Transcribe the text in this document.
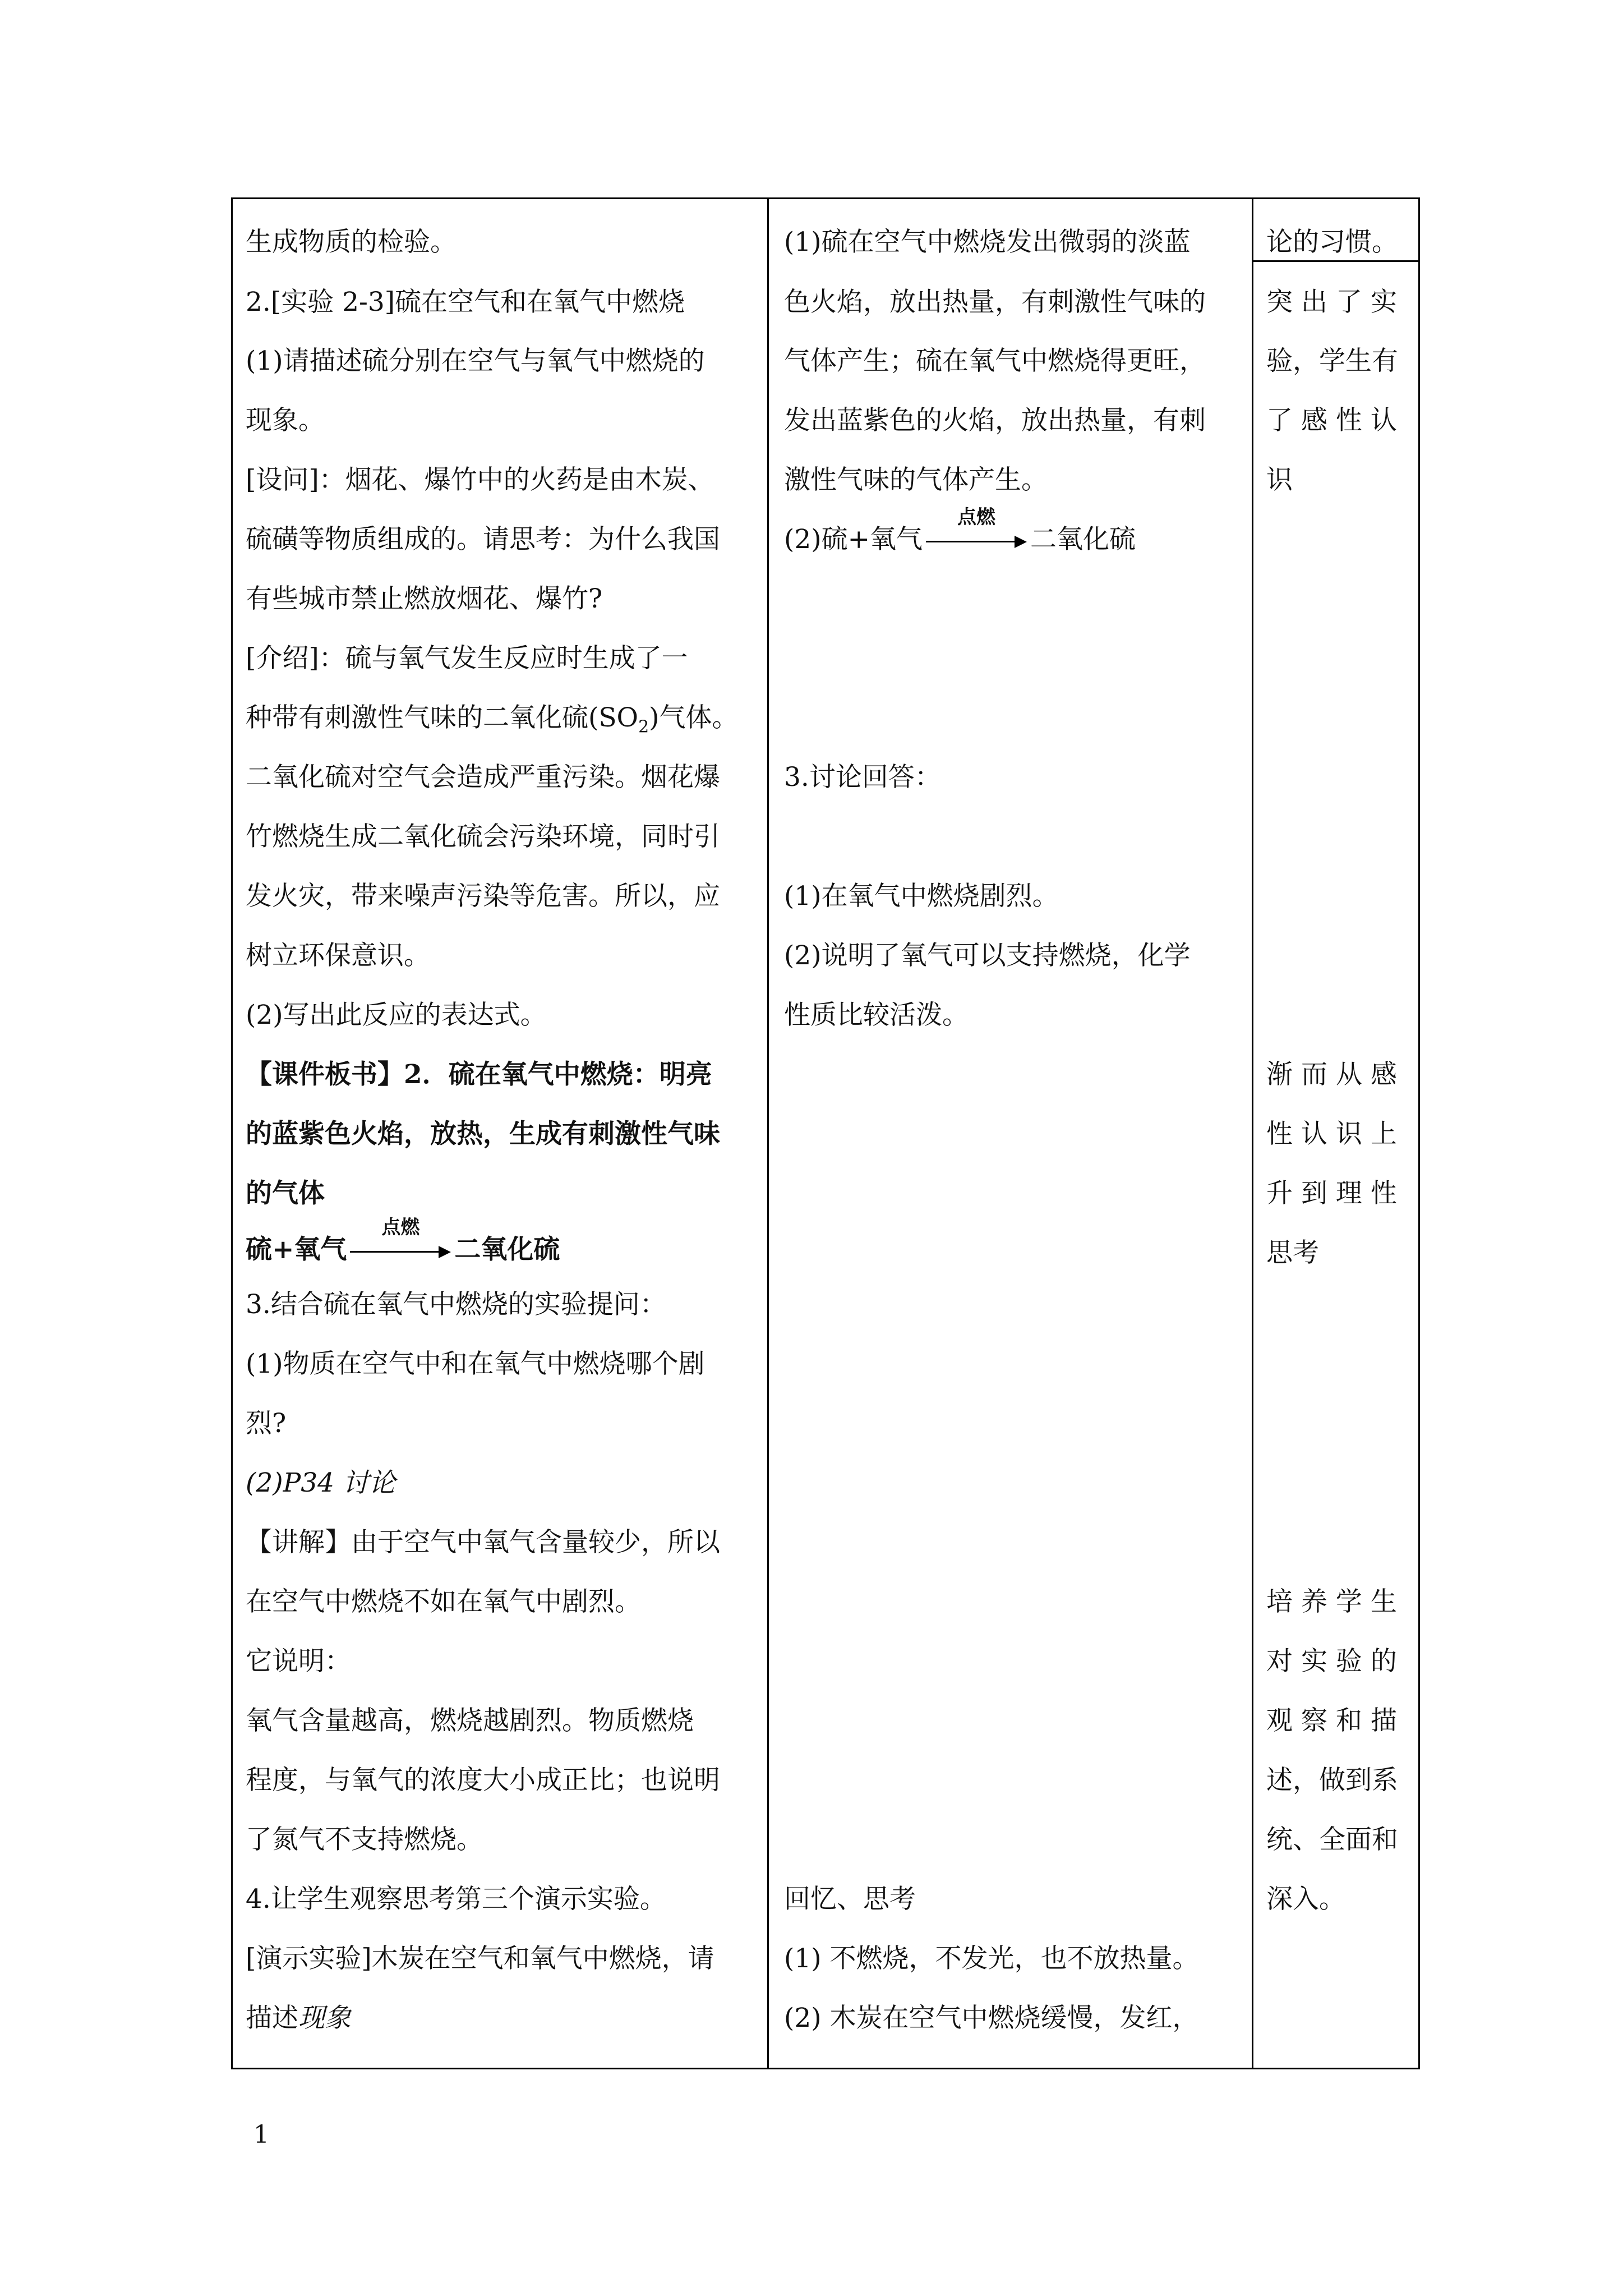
生成物质的检验。
2.[实验 2-3]硫在空气和在氧气中燃烧
(1)请描述硫分别在空气与氧气中燃烧的
现象。
[设问]：烟花、爆竹中的火药是由木炭、
硫磺等物质组成的。请思考：为什么我国
有些城市禁止燃放烟花、爆竹?
[介绍]：硫与氧气发生反应时生成了一
种带有刺激性气味的二氧化硫$(SO_2)$气体。
二氧化硫对空气会造成严重污染。烟花爆
竹燃烧生成二氧化硫会污染环境，同时引
发火灾，带来噪声污染等危害。所以，应
树立环保意识。
(2)写出此反应的表达式。
【课件板书】2．硫在氧气中燃烧：明亮
的蓝紫色火焰，放热，生成有刺激性气味
的气体
硫+氧气
点燃
二氧化硫
3.结合硫在氧气中燃烧的实验提问：
(1)物质在空气中和在氧气中燃烧哪个剧
烈?
(2)P34 讨论
【讲解】由于空气中氧气含量较少，所以
在空气中燃烧不如在氧气中剧烈。
它说明：
氧气含量越高，燃烧越剧烈。物质燃烧
程度，与氧气的浓度大小成正比；也说明
了氮气不支持燃烧。
4.让学生观察思考第三个演示实验。
[演示实验]木炭在空气和氧气中燃烧，请
描述现象
(1)硫在空气中燃烧发出微弱的淡蓝
色火焰，放出热量，有刺激性气味的
气体产生；硫在氧气中燃烧得更旺，
发出蓝紫色的火焰，放出热量，有刺
激性气味的气体产生。
(2)硫+氧气
点燃
二氧化硫
3.讨论回答：
(1)在氧气中燃烧剧烈。
(2)说明了氧气可以支持燃烧，化学
性质比较活泼。
回忆、思考
(1) 不燃烧，不发光，也不放热量。
(2) 木炭在空气中燃烧缓慢，发红，
论的习惯。
突 出 了 实
验，学生有
了 感 性 认
识
渐 而 从 感
性 认 识 上
升 到 理 性
思考
培 养 学 生
对 实 验 的
观 察 和 描
述，做到系
统、全面和
深入。
1
